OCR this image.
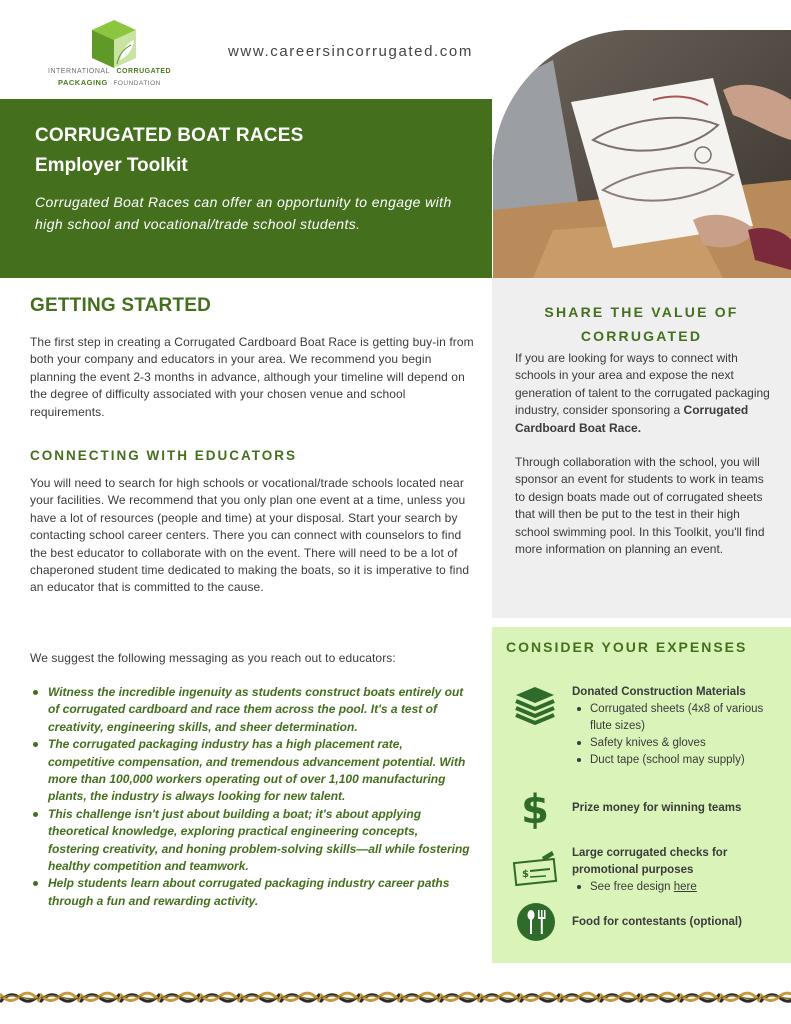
INTERNATIONAL CORRUGATED
PACKAGING FOUNDATION
www.careersincorrugated.com
CORRUGATED BOAT RACES
Employer Toolkit

Corrugated Boat Races can offer an opportunity to engage with high school and vocational/trade school students.

GETTING STARTED

The first step in creating a Corrugated Cardboard Boat Race is getting buy-in from both your company and educators in your area. We recommend you begin planning the event 2-3 months in advance, although your timeline will depend on the degree of difficulty associated with your chosen venue and school requirements.

CONNECTING WITH EDUCATORS

You will need to search for high schools or vocational/trade schools located near your facilities. We recommend that you only plan one event at a time, unless you have a lot of resources (people and time) at your disposal. Start your search by contacting school career centers. There you can connect with counselors to find the best educator to collaborate with on the event. There will need to be a lot of chaperoned student time dedicated to making the boats, so it is imperative to find an educator that is committed to the cause.

We suggest the following messaging as you reach out to educators:

Witness the incredible ingenuity as students construct boats entirely out of corrugated cardboard and race them across the pool. It's a test of creativity, engineering skills, and sheer determination.
The corrugated packaging industry has a high placement rate, competitive compensation, and tremendous advancement potential. With more than 100,000 workers operating out of over 1,100 manufacturing plants, the industry is always looking for new talent.
This challenge isn't just about building a boat; it's about applying theoretical knowledge, exploring practical engineering concepts, fostering creativity, and honing problem-solving skills—all while fostering healthy competition and teamwork.
Help students learn about corrugated packaging industry career paths through a fun and rewarding activity.
SHARE THE VALUE OF
CORRUGATED

If you are looking for ways to connect with schools in your area and expose the next generation of talent to the corrugated packaging industry, consider sponsoring a Corrugated Cardboard Boat Race.

Through collaboration with the school, you will sponsor an event for students to work in teams to design boats made out of corrugated sheets that will then be put to the test in their high school swimming pool. In this Toolkit, you'll find more information on planning an event.

CONSIDER YOUR EXPENSES
Donated Construction Materials
Corrugated sheets (4x8 of various flute sizes)
Safety knives & gloves
Duct tape (school may supply)
$ Prize money for winning teams
$
Large corrugated checks for promotional purposes
See free design here
Food for contestants (optional)
